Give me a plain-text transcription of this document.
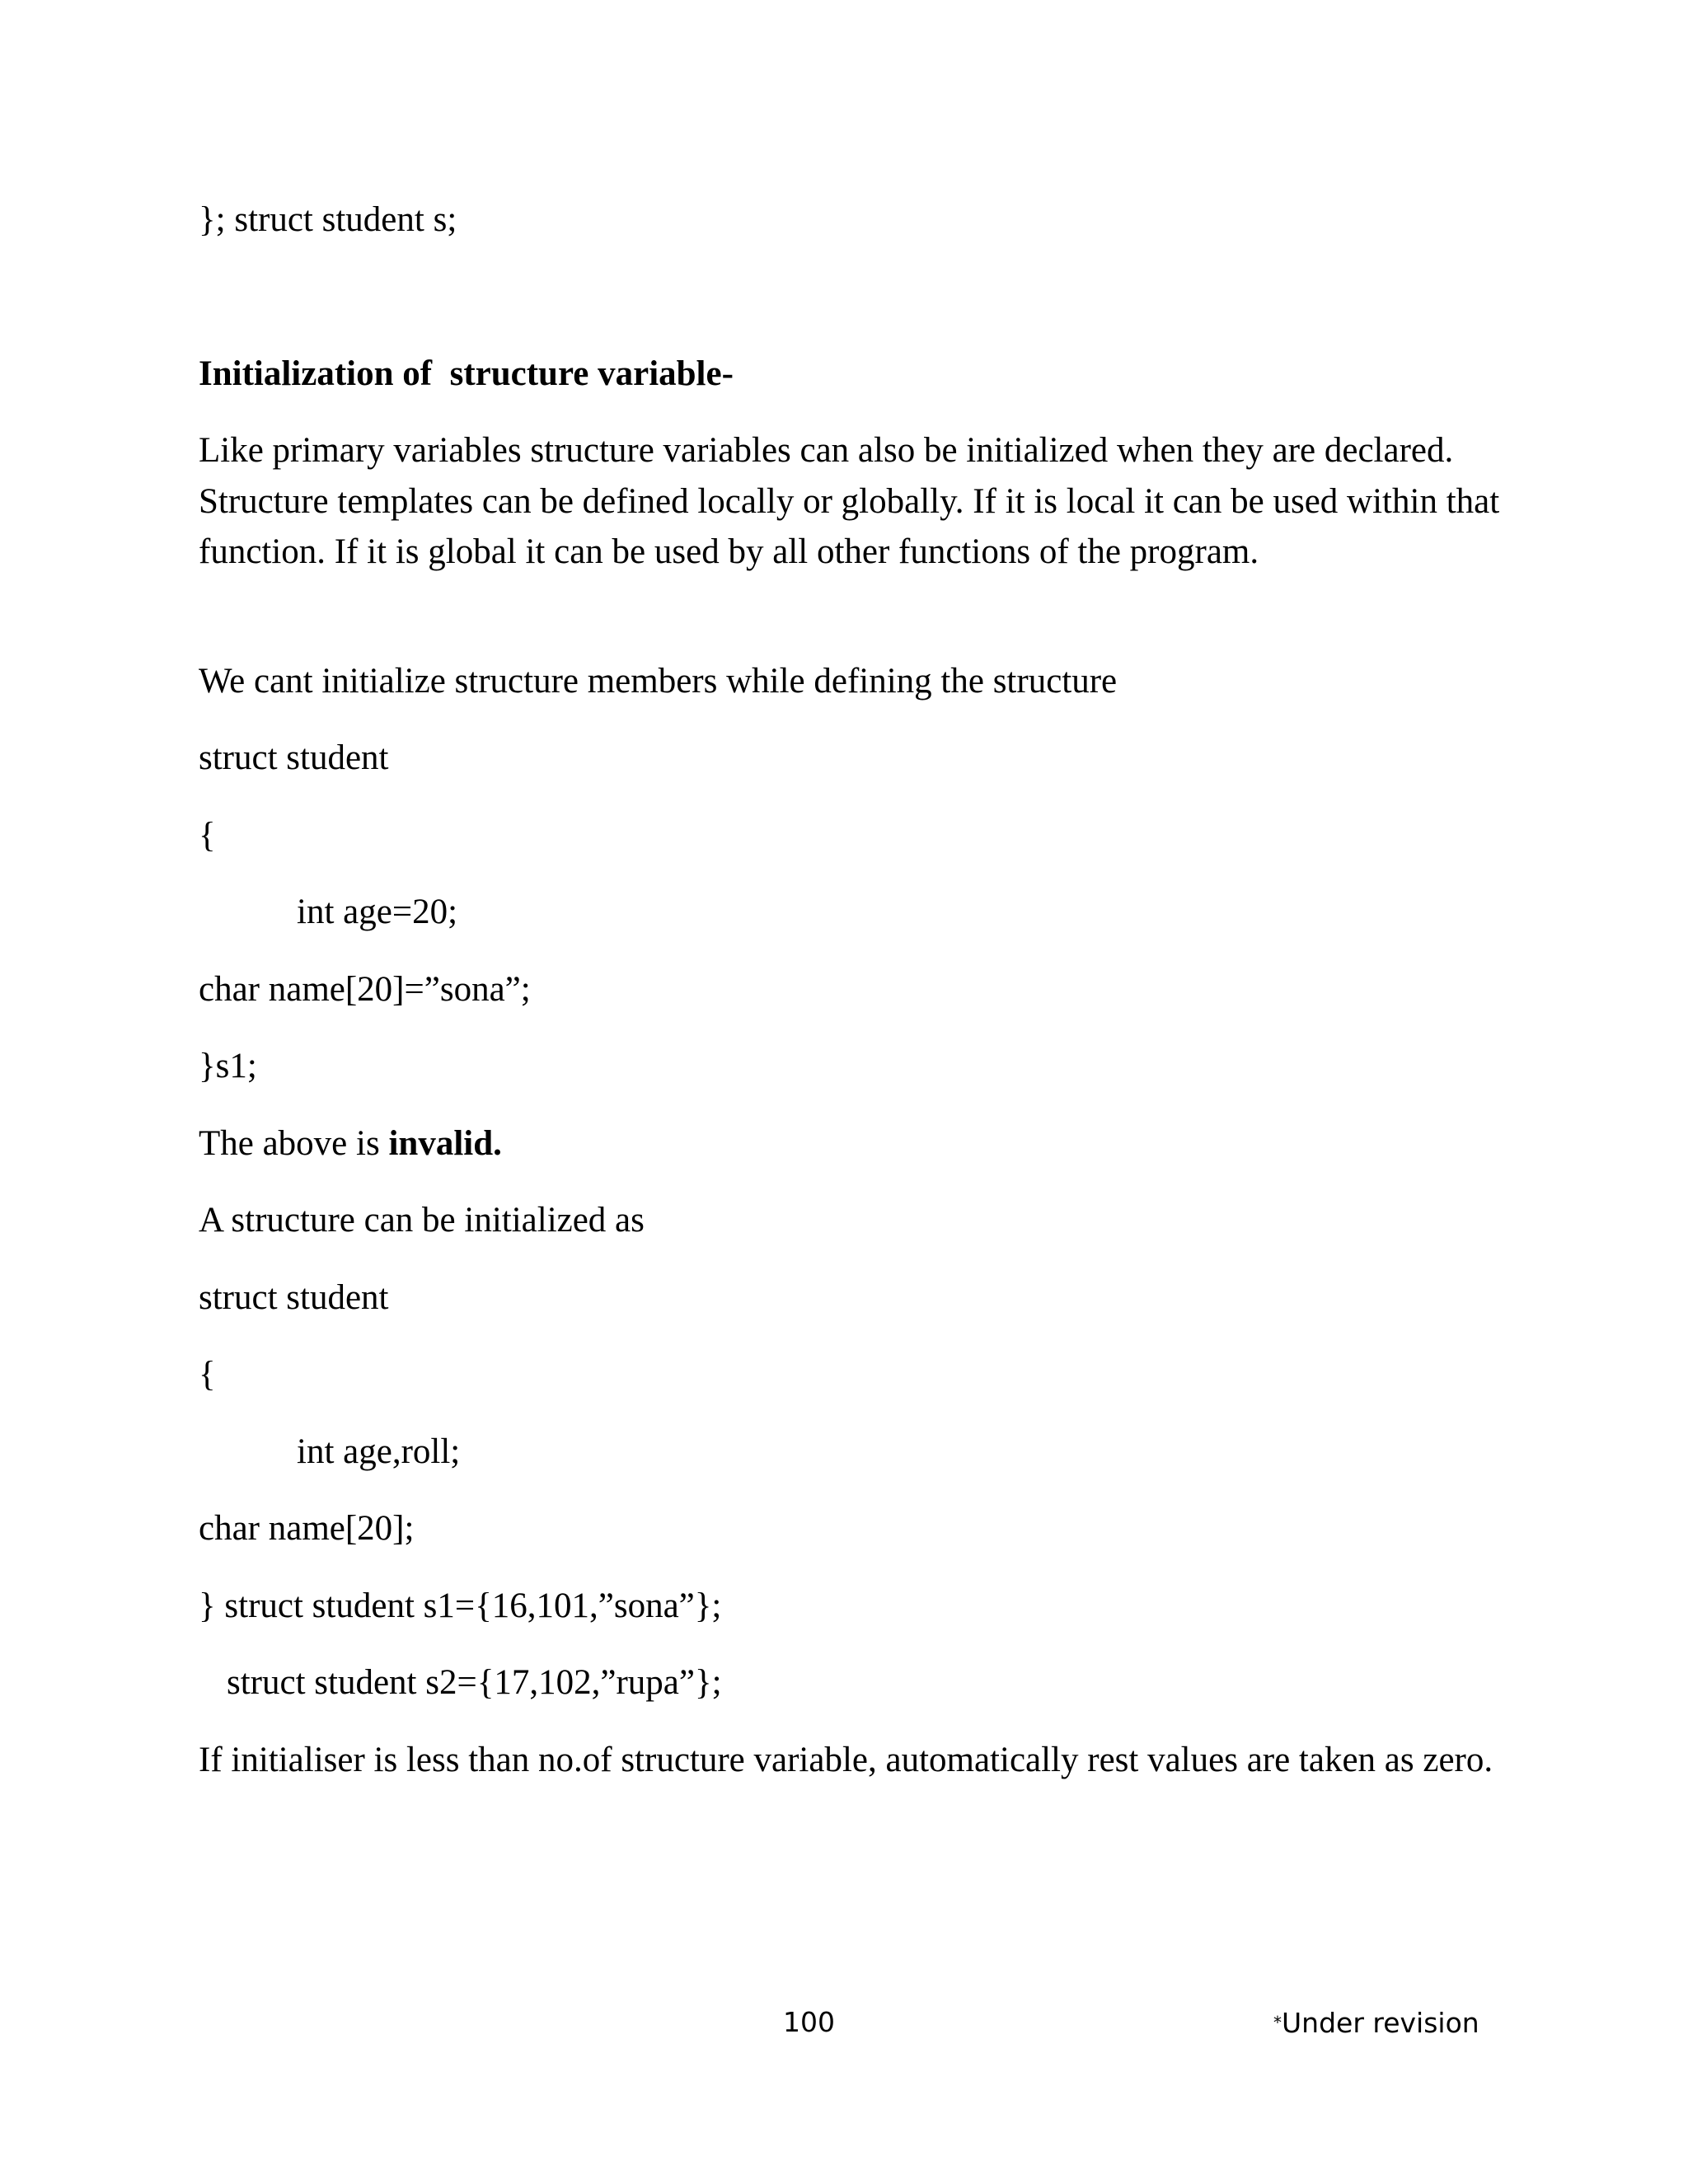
}; struct student s;

Initialization of  structure variable-

Like primary variables structure variables can also be initialized when they are declared. Structure templates can be defined locally or globally. If it is local it can be used within that function. If it is global it can be used by all other functions of the program.

We cant initialize structure members while defining the structure

struct student

{

int age=20;

char name[20]=”sona”;

}s1;

The above is invalid.

A structure can be initialized as

struct student

{

int age,roll;

char name[20];

} struct student s1={16,101,”sona”};

struct student s2={17,102,”rupa”};

If initialiser is less than no.of structure variable, automatically rest values are taken as zero.

100	*Under revision
